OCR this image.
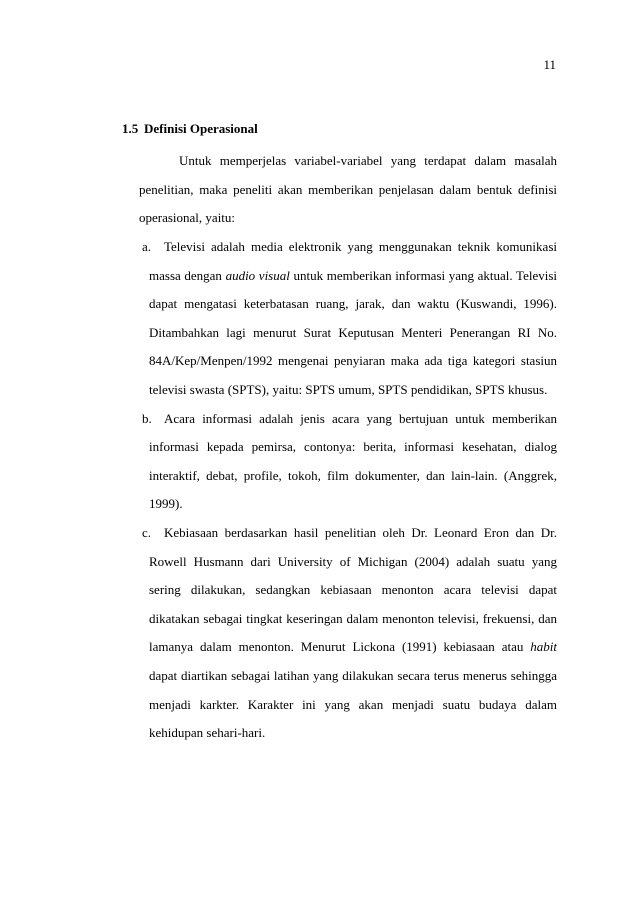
11
1.5 Definisi Operasional

Untuk memperjelas variabel-variabel yang terdapat dalam masalah penelitian, maka peneliti akan memberikan penjelasan dalam bentuk definisi operasional, yaitu:

a. Televisi adalah media elektronik yang menggunakan teknik komunikasi massa dengan audio visual untuk memberikan informasi yang aktual. Televisi dapat mengatasi keterbatasan ruang, jarak, dan waktu (Kuswandi, 1996). Ditambahkan lagi menurut Surat Keputusan Menteri Penerangan RI No. 84A/Kep/Menpen/1992 mengenai penyiaran maka ada tiga kategori stasiun televisi swasta (SPTS), yaitu: SPTS umum, SPTS pendidikan, SPTS khusus.
b. Acara informasi adalah jenis acara yang bertujuan untuk memberikan informasi kepada pemirsa, contonya: berita, informasi kesehatan, dialog interaktif, debat, profile, tokoh, film dokumenter, dan lain-lain. (Anggrek, 1999).
c. Kebiasaan berdasarkan hasil penelitian oleh Dr. Leonard Eron dan Dr. Rowell Husmann dari University of Michigan (2004) adalah suatu yang sering dilakukan, sedangkan kebiasaan menonton acara televisi dapat dikatakan sebagai tingkat keseringan dalam menonton televisi, frekuensi, dan lamanya dalam menonton. Menurut Lickona (1991) kebiasaan atau habit dapat diartikan sebagai latihan yang dilakukan secara terus menerus sehingga menjadi karkter. Karakter ini yang akan menjadi suatu budaya dalam kehidupan sehari-hari.
